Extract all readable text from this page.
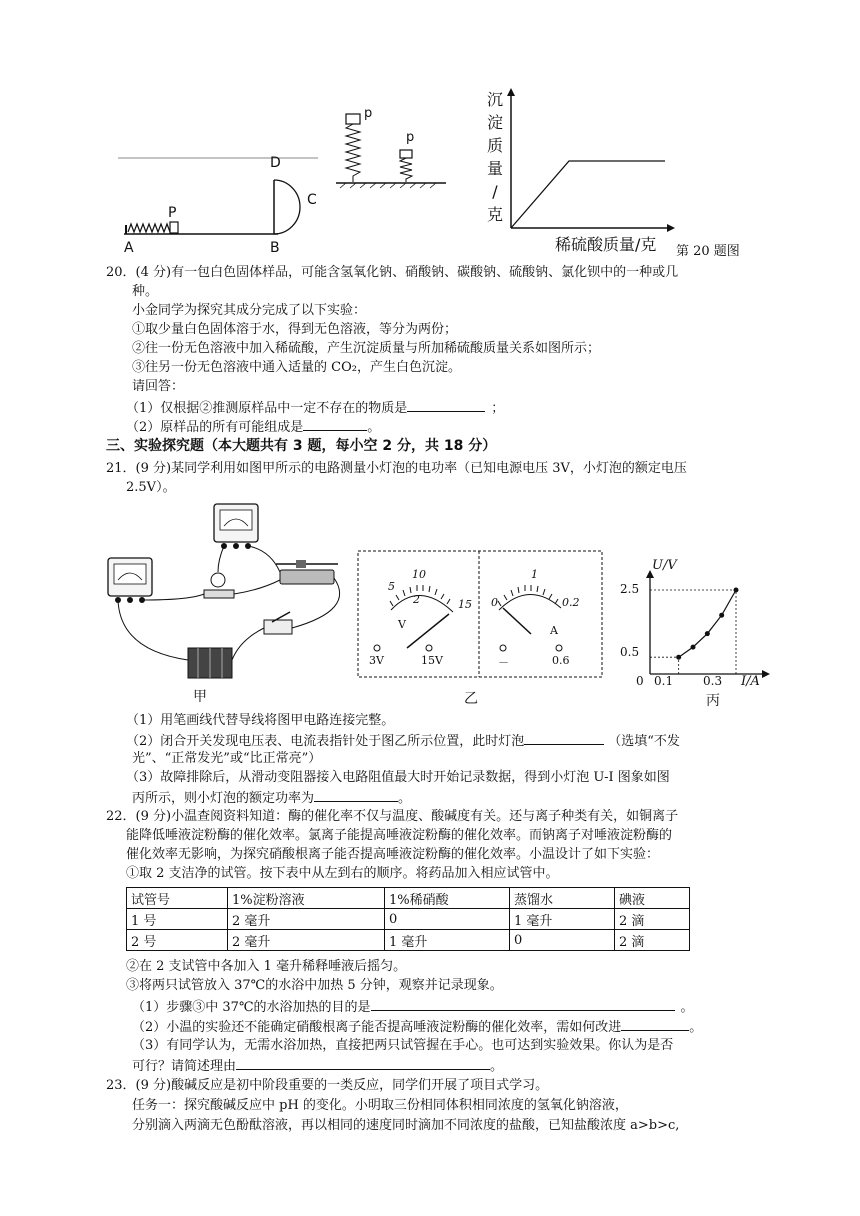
A
P
B
C
D
p
p
沉
淀
质
量
/
克
稀硫酸质量/克 第 20 题图
20．(4 分)有一包白色固体样品，可能含氢氧化钠、硝酸钠、碳酸钠、硫酸钠、氯化钡中的一种或几
种。
小金同学为探究其成分完成了以下实验：
①取少量白色固体溶于水，得到无色溶液，等分为两份；
②往一份无色溶液中加入稀硫酸，产生沉淀质量与所加稀硫酸质量关系如图所示；
③往另一份无色溶液中通入适量的 CO₂，产生白色沉淀。
请回答：
（1）仅根据②推测原样品中一定不存在的物质是	；
（2）原样品的所有可能组成是	。
三、实验探究题（本大题共有 3 题，每小空 2 分，共 18 分）
21．(9 分)某同学利用如图甲所示的电路测量小灯泡的电功率（已知电源电压 3V，小灯泡的额定电压
2.5V）。
甲
5
10
2	15
V
3V	15V
1
0	0.2
A
－	0.6
乙
U/V
2.5
0.5
0 0.1 0.3 I/A
丙
（1）用笔画线代替导线将图甲电路连接完整。
（2）闭合开关发现电压表、电流表指针处于图乙所示位置，此时灯泡	（选填“不发
光”、“正常发光”或“比正常亮”）
（3）故障排除后，从滑动变阻器接入电路阻值最大时开始记录数据，得到小灯泡 U-I 图象如图
丙所示，则小灯泡的额定功率为	。
22．(9 分)小温查阅资料知道：酶的催化率不仅与温度、酸碱度有关。还与离子种类有关，如铜离子
能降低唾液淀粉酶的催化效率。氯离子能提高唾液淀粉酶的催化效率。而钠离子对唾液淀粉酶的
催化效率无影响，为探究硝酸根离子能否提高唾液淀粉酶的催化效率。小温设计了如下实验：
①取 2 支洁净的试管。按下表中从左到右的顺序。将药品加入相应试管中。
试管号	1%淀粉溶液	1%稀硝酸	蒸馏水	碘液
1 号	2 毫升	0	1 毫升	2 滴
2 号	2 毫升	1 毫升	0	2 滴
②在 2 支试管中各加入 1 毫升稀释唾液后摇匀。
③将两只试管放入 37℃的水浴中加热 5 分钟，观察并记录现象。
（1）步骤③中 37℃的水浴加热的目的是	。
（2）小温的实验还不能确定硝酸根离子能否提高唾液淀粉酶的催化效率，需如何改进	。
（3）有同学认为，无需水浴加热，直接把两只试管握在手心。也可达到实验效果。你认为是否
可行？请简述理由	。
23．(9 分)酸碱反应是初中阶段重要的一类反应，同学们开展了项目式学习。
任务一：探究酸碱反应中 pH 的变化。小明取三份相同体积相同浓度的氢氧化钠溶液，
分别滴入两滴无色酚酞溶液，再以相同的速度同时滴加不同浓度的盐酸，已知盐酸浓度 a>b>c,
